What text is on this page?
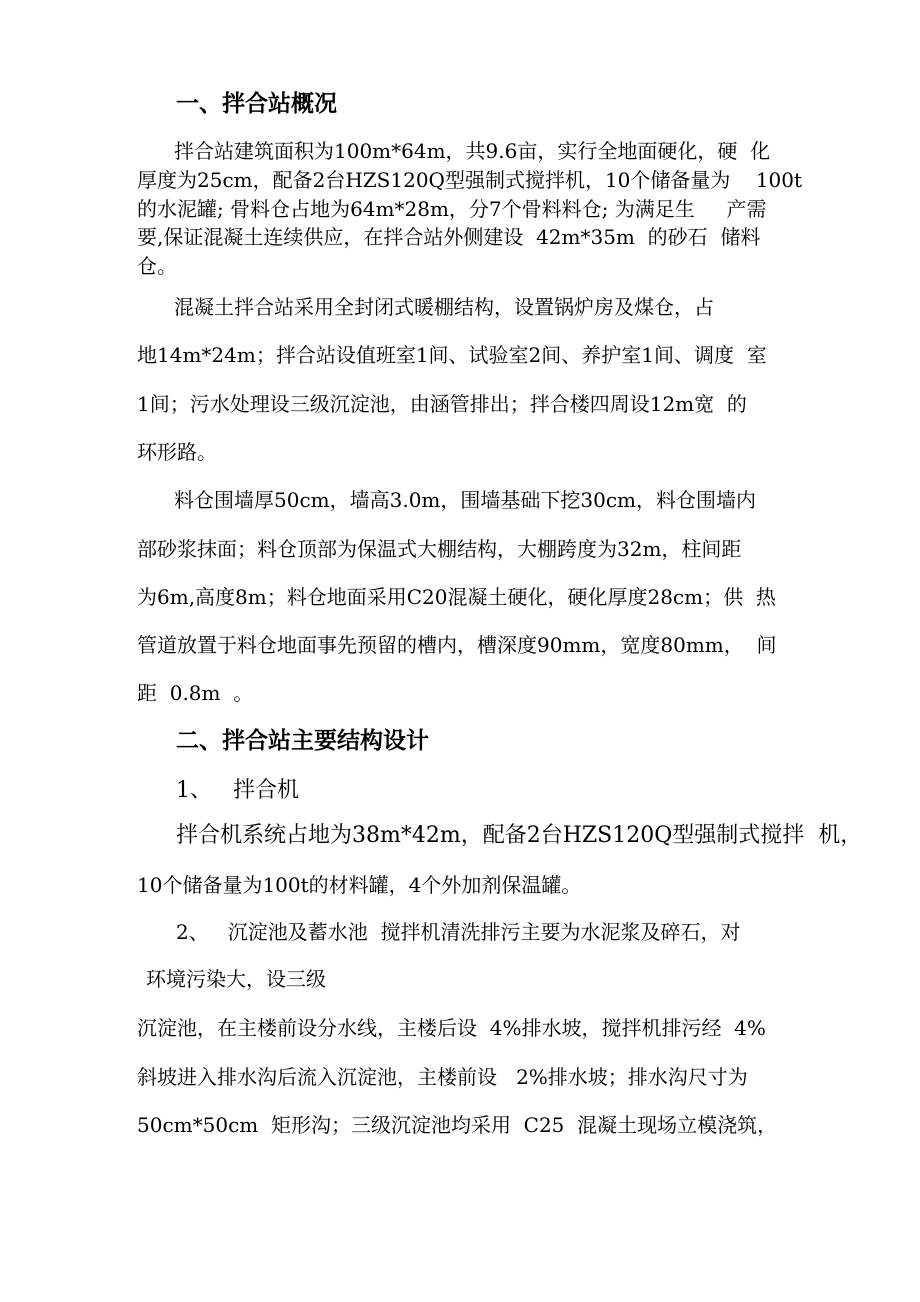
一、拌合站概况
拌合站建筑面积为100m*64m，共9.6亩，实行全地面硬化，硬  化
厚度为25cm，配备2台HZS120Q型强制式搅拌机，10个储备量为    100t
的水泥罐; 骨料仓占地为64m*28m，分7个骨料料仓; 为满足生     产需
要,保证混凝土连续供应，在拌合站外侧建设  42m*35m  的砂石  储料
仓。
混凝土拌合站采用全封闭式暖棚结构，设置锅炉房及煤仓，占
地14m*24m；拌合站设值班室1间、试验室2间、养护室1间、调度  室
1间；污水处理设三级沉淀池，由涵管排出；拌合楼四周设12m宽  的
环形路。
料仓围墙厚50cm，墙高3.0m，围墙基础下挖30cm，料仓围墙内
部砂浆抹面；料仓顶部为保温式大棚结构，大棚跨度为32m，柱间距
为6m,高度8m；料仓地面采用C20混凝土硬化，硬化厚度28cm；供  热
管道放置于料仓地面事先预留的槽内，槽深度90mm，宽度80mm，  间
距  0.8m  。
二、拌合站主要结构设计
1、   拌合机
拌合机系统占地为38m*42m，配备2台HZS120Q型强制式搅拌  机，
10个储备量为100t的材料罐，4个外加剂保温罐。
2、   沉淀池及蓄水池  搅拌机清洗排污主要为水泥浆及碎石，对
环境污染大，设三级
沉淀池，在主楼前设分水线，主楼后设  4%排水坡，搅拌机排污经  4%
斜坡进入排水沟后流入沉淀池，主楼前设   2%排水坡；排水沟尺寸为
50cm*50cm  矩形沟；三级沉淀池均采用  C25  混凝土现场立模浇筑，
